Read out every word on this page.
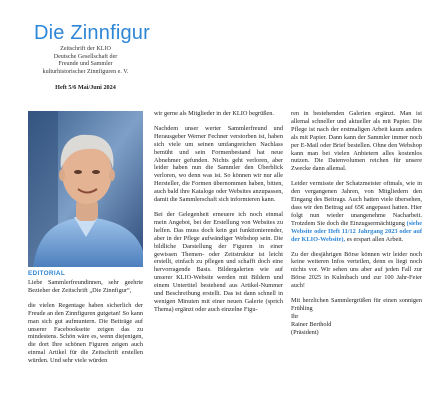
Die Zinnfigur
Zeitschrift der KLIO
Deutsche Gesellschaft der
Freunde und Sammler
kulturhistorischer Zinnfiguren e. V.
Heft 5/6 Mai/Juni 2024
EDITORIAL

Liebe Sammlerfreundinnen, sehr geehrte Bezieher der Zeitschrift „Die Zinnfigur“,

die vielen Regentage haben sicherlich der Freude an den Zinnfiguren gutgetan! So kann man sich gut aufmuntern. Die Beiträge auf unserer Facebookseite zeigen das zu mindestens. Schön wäre es, wenn diejenigen, die dort Ihre schönen Figuren zeigen auch einmal Artikel für die Zeitschrift erstellen würden. Und sehr viele würden

wir gerne als Mitglieder in der KLIO begrüßen.

Nachdem unser werter Sammlerfreund und Herausgeber Werner Fechner verstorben ist, haben sich viele um seinen umfangreichen Nachlass bemüht und sein Formenbestand hat neue Abnehmer gefunden. Nichts geht verloren, aber leider haben nun die Sammler den Überblick verloren, wo denn was ist. So können wir nur alle Hersteller, die Formen übernommen haben, bitten, auch bald ihre Kataloge oder Websites anzupassen, damit die Sammlerschaft sich informieren kann.

Bei der Gelegenheit erneuere ich noch einmal mein Angebot, bei der Erstellung von Websites zu helfen. Das muss doch kein gut funktionierender, aber in der Pflege aufwändiger Webshop sein. Die bildliche Darstellung der Figuren in einer gewissen Themen- oder Zeitstruktur ist leicht erstellt, einfach zu pflegen und schafft doch eine hervorragende Basis. Bildergalerien wie auf unserer KLIO-Website werden mit Bildern und einem Untertitel bestehend aus Artikel-Nummer und Beschreibung erstellt. Das ist dann schnell in wenigen Minuten mit einer neuen Galerie (sprich Thema) ergänzt oder auch einzelne Figu-

ren in bestehenden Galerien ergänzt. Man ist allemal schneller und aktueller als mit Papier. Die Pflege ist nach der erstmaligen Arbeit kaum anders als mit Papier. Dann kann der Sammler immer noch per E-Mail oder Brief bestellen. Ohne den Webshop kann man bei vielen Anbietern alles kostenlos nutzen. Die Datenvolumen reichen für unsere Zwecke dann allemal.

Leider vermisste der Schatzmeister oftmals, wie in den vergangenen Jahren, von Mitgliedern den Eingang des Beitrags. Auch hatten viele übersehen, dass wir den Beitrag auf 65€ angepasst hatten. Hier folgt nun wieder unangenehme Nacharbeit. Trotzdem Sie doch die Einzugsermächtigung (siehe Website oder Heft 11/12 Jahrgang 2023 oder auf der KLIO-Website), es erspart allen Arbeit.

Zu der diesjährigen Börse können wir leider noch keine weiteren Infos verteilen, denn es liegt noch nichts vor. Wir sehen uns aber auf jeden Fall zur Börse 2025 in Kulmbach und zur 100 Jahr-Feier auch!

Mit herzlichen Sammlergrüßen für einen sonnigen Frühling
Ihr
Rainer Berthold
(Präsident)
